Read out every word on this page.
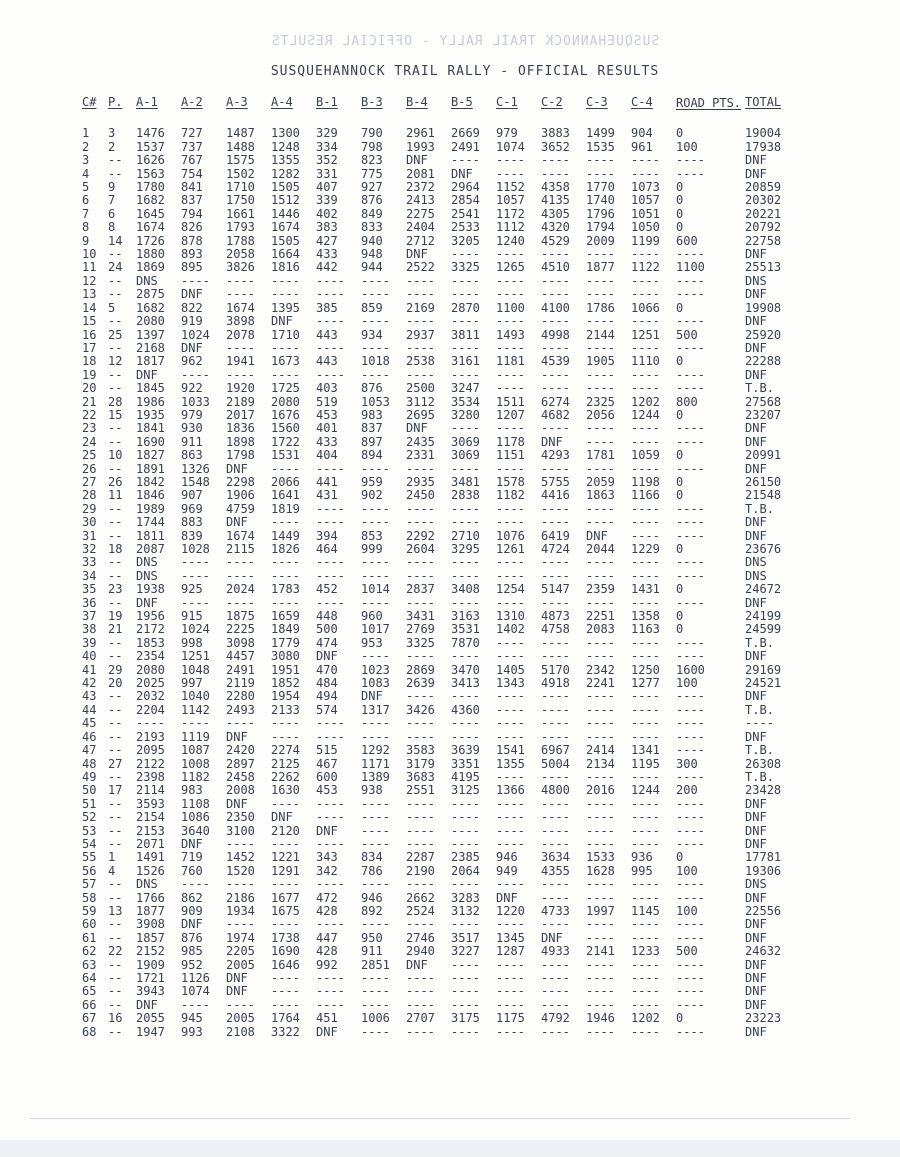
SUSQUEHANNOCK TRAIL RALLY - OFFICIAL RESULTS
SUSQUEHANNOCK TRAIL RALLY - OFFICIAL RESULTS
C#	P.	A-1	A-2	A-3	A-4	B-1	B-3	B-4	B-5	C-1	C-2	C-3	C-4	ROAD PTS.	TOTAL
1	3	1476	727	1487	1300	329	790	2961	2669	979	3883	1499	904	0	19004
2	2	1537	737	1488	1248	334	798	1993	2491	1074	3652	1535	961	100	17938
3	--	1626	767	1575	1355	352	823	DNF	----	----	----	----	----	----	DNF
4	--	1563	754	1502	1282	331	775	2081	DNF	----	----	----	----	----	DNF
5	9	1780	841	1710	1505	407	927	2372	2964	1152	4358	1770	1073	0	20859
6	7	1682	837	1750	1512	339	876	2413	2854	1057	4135	1740	1057	0	20302
7	6	1645	794	1661	1446	402	849	2275	2541	1172	4305	1796	1051	0	20221
8	8	1674	826	1793	1674	383	833	2404	2533	1112	4320	1794	1050	0	20792
9	14	1726	878	1788	1505	427	940	2712	3205	1240	4529	2009	1199	600	22758
10	--	1880	893	2058	1664	433	948	DNF	----	----	----	----	----	----	DNF
11	24	1869	895	3826	1816	442	944	2522	3325	1265	4510	1877	1122	1100	25513
12	--	DNS	----	----	----	----	----	----	----	----	----	----	----	----	DNS
13	--	2875	DNF	----	----	----	----	----	----	----	----	----	----	----	DNF
14	5	1682	822	1674	1395	385	859	2169	2870	1100	4100	1786	1066	0	19908
15	--	2080	919	3898	DNF	----	----	----	----	----	----	----	----	----	DNF
16	25	1397	1024	2078	1710	443	934	2937	3811	1493	4998	2144	1251	500	25920
17	--	2168	DNF	----	----	----	----	----	----	----	----	----	----	----	DNF
18	12	1817	962	1941	1673	443	1018	2538	3161	1181	4539	1905	1110	0	22288
19	--	DNF	----	----	----	----	----	----	----	----	----	----	----	----	DNF
20	--	1845	922	1920	1725	403	876	2500	3247	----	----	----	----	----	T.B.
21	28	1986	1033	2189	2080	519	1053	3112	3534	1511	6274	2325	1202	800	27568
22	15	1935	979	2017	1676	453	983	2695	3280	1207	4682	2056	1244	0	23207
23	--	1841	930	1836	1560	401	837	DNF	----	----	----	----	----	----	DNF
24	--	1690	911	1898	1722	433	897	2435	3069	1178	DNF	----	----	----	DNF
25	10	1827	863	1798	1531	404	894	2331	3069	1151	4293	1781	1059	0	20991
26	--	1891	1326	DNF	----	----	----	----	----	----	----	----	----	----	DNF
27	26	1842	1548	2298	2066	441	959	2935	3481	1578	5755	2059	1198	0	26150
28	11	1846	907	1906	1641	431	902	2450	2838	1182	4416	1863	1166	0	21548
29	--	1989	969	4759	1819	----	----	----	----	----	----	----	----	----	T.B.
30	--	1744	883	DNF	----	----	----	----	----	----	----	----	----	----	DNF
31	--	1811	839	1674	1449	394	853	2292	2710	1076	6419	DNF	----	----	DNF
32	18	2087	1028	2115	1826	464	999	2604	3295	1261	4724	2044	1229	0	23676
33	--	DNS	----	----	----	----	----	----	----	----	----	----	----	----	DNS
34	--	DNS	----	----	----	----	----	----	----	----	----	----	----	----	DNS
35	23	1938	925	2024	1783	452	1014	2837	3408	1254	5147	2359	1431	0	24672
36	--	DNF	----	----	----	----	----	----	----	----	----	----	----	----	DNF
37	19	1956	915	1875	1659	448	960	3431	3163	1310	4873	2251	1358	0	24199
38	21	2172	1024	2225	1849	500	1017	2769	3531	1402	4758	2083	1163	0	24599
39	--	1853	998	3098	1779	474	953	3325	7870	----	----	----	----	----	T.B.
40	--	2354	1251	4457	3080	DNF	----	----	----	----	----	----	----	----	DNF
41	29	2080	1048	2491	1951	470	1023	2869	3470	1405	5170	2342	1250	1600	29169
42	20	2025	997	2119	1852	484	1083	2639	3413	1343	4918	2241	1277	100	24521
43	--	2032	1040	2280	1954	494	DNF	----	----	----	----	----	----	----	DNF
44	--	2204	1142	2493	2133	574	1317	3426	4360	----	----	----	----	----	T.B.
45	--	----	----	----	----	----	----	----	----	----	----	----	----	----	----
46	--	2193	1119	DNF	----	----	----	----	----	----	----	----	----	----	DNF
47	--	2095	1087	2420	2274	515	1292	3583	3639	1541	6967	2414	1341	----	T.B.
48	27	2122	1008	2897	2125	467	1171	3179	3351	1355	5004	2134	1195	300	26308
49	--	2398	1182	2458	2262	600	1389	3683	4195	----	----	----	----	----	T.B.
50	17	2114	983	2008	1630	453	938	2551	3125	1366	4800	2016	1244	200	23428
51	--	3593	1108	DNF	----	----	----	----	----	----	----	----	----	----	DNF
52	--	2154	1086	2350	DNF	----	----	----	----	----	----	----	----	----	DNF
53	--	2153	3640	3100	2120	DNF	----	----	----	----	----	----	----	----	DNF
54	--	2071	DNF	----	----	----	----	----	----	----	----	----	----	----	DNF
55	1	1491	719	1452	1221	343	834	2287	2385	946	3634	1533	936	0	17781
56	4	1526	760	1520	1291	342	786	2190	2064	949	4355	1628	995	100	19306
57	--	DNS	----	----	----	----	----	----	----	----	----	----	----	----	DNS
58	--	1766	862	2186	1677	472	946	2662	3283	DNF	----	----	----	----	DNF
59	13	1877	909	1934	1675	428	892	2524	3132	1220	4733	1997	1145	100	22556
60	--	3908	DNF	----	----	----	----	----	----	----	----	----	----	----	DNF
61	--	1857	876	1974	1738	447	950	2746	3517	1345	DNF	----	----	----	DNF
62	22	2152	985	2205	1690	428	911	2940	3227	1287	4933	2141	1233	500	24632
63	--	1909	952	2005	1646	992	2851	DNF	----	----	----	----	----	----	DNF
64	--	1721	1126	DNF	----	----	----	----	----	----	----	----	----	----	DNF
65	--	3943	1074	DNF	----	----	----	----	----	----	----	----	----	----	DNF
66	--	DNF	----	----	----	----	----	----	----	----	----	----	----	----	DNF
67	16	2055	945	2005	1764	451	1006	2707	3175	1175	4792	1946	1202	0	23223
68	--	1947	993	2108	3322	DNF	----	----	----	----	----	----	----	----	DNF
